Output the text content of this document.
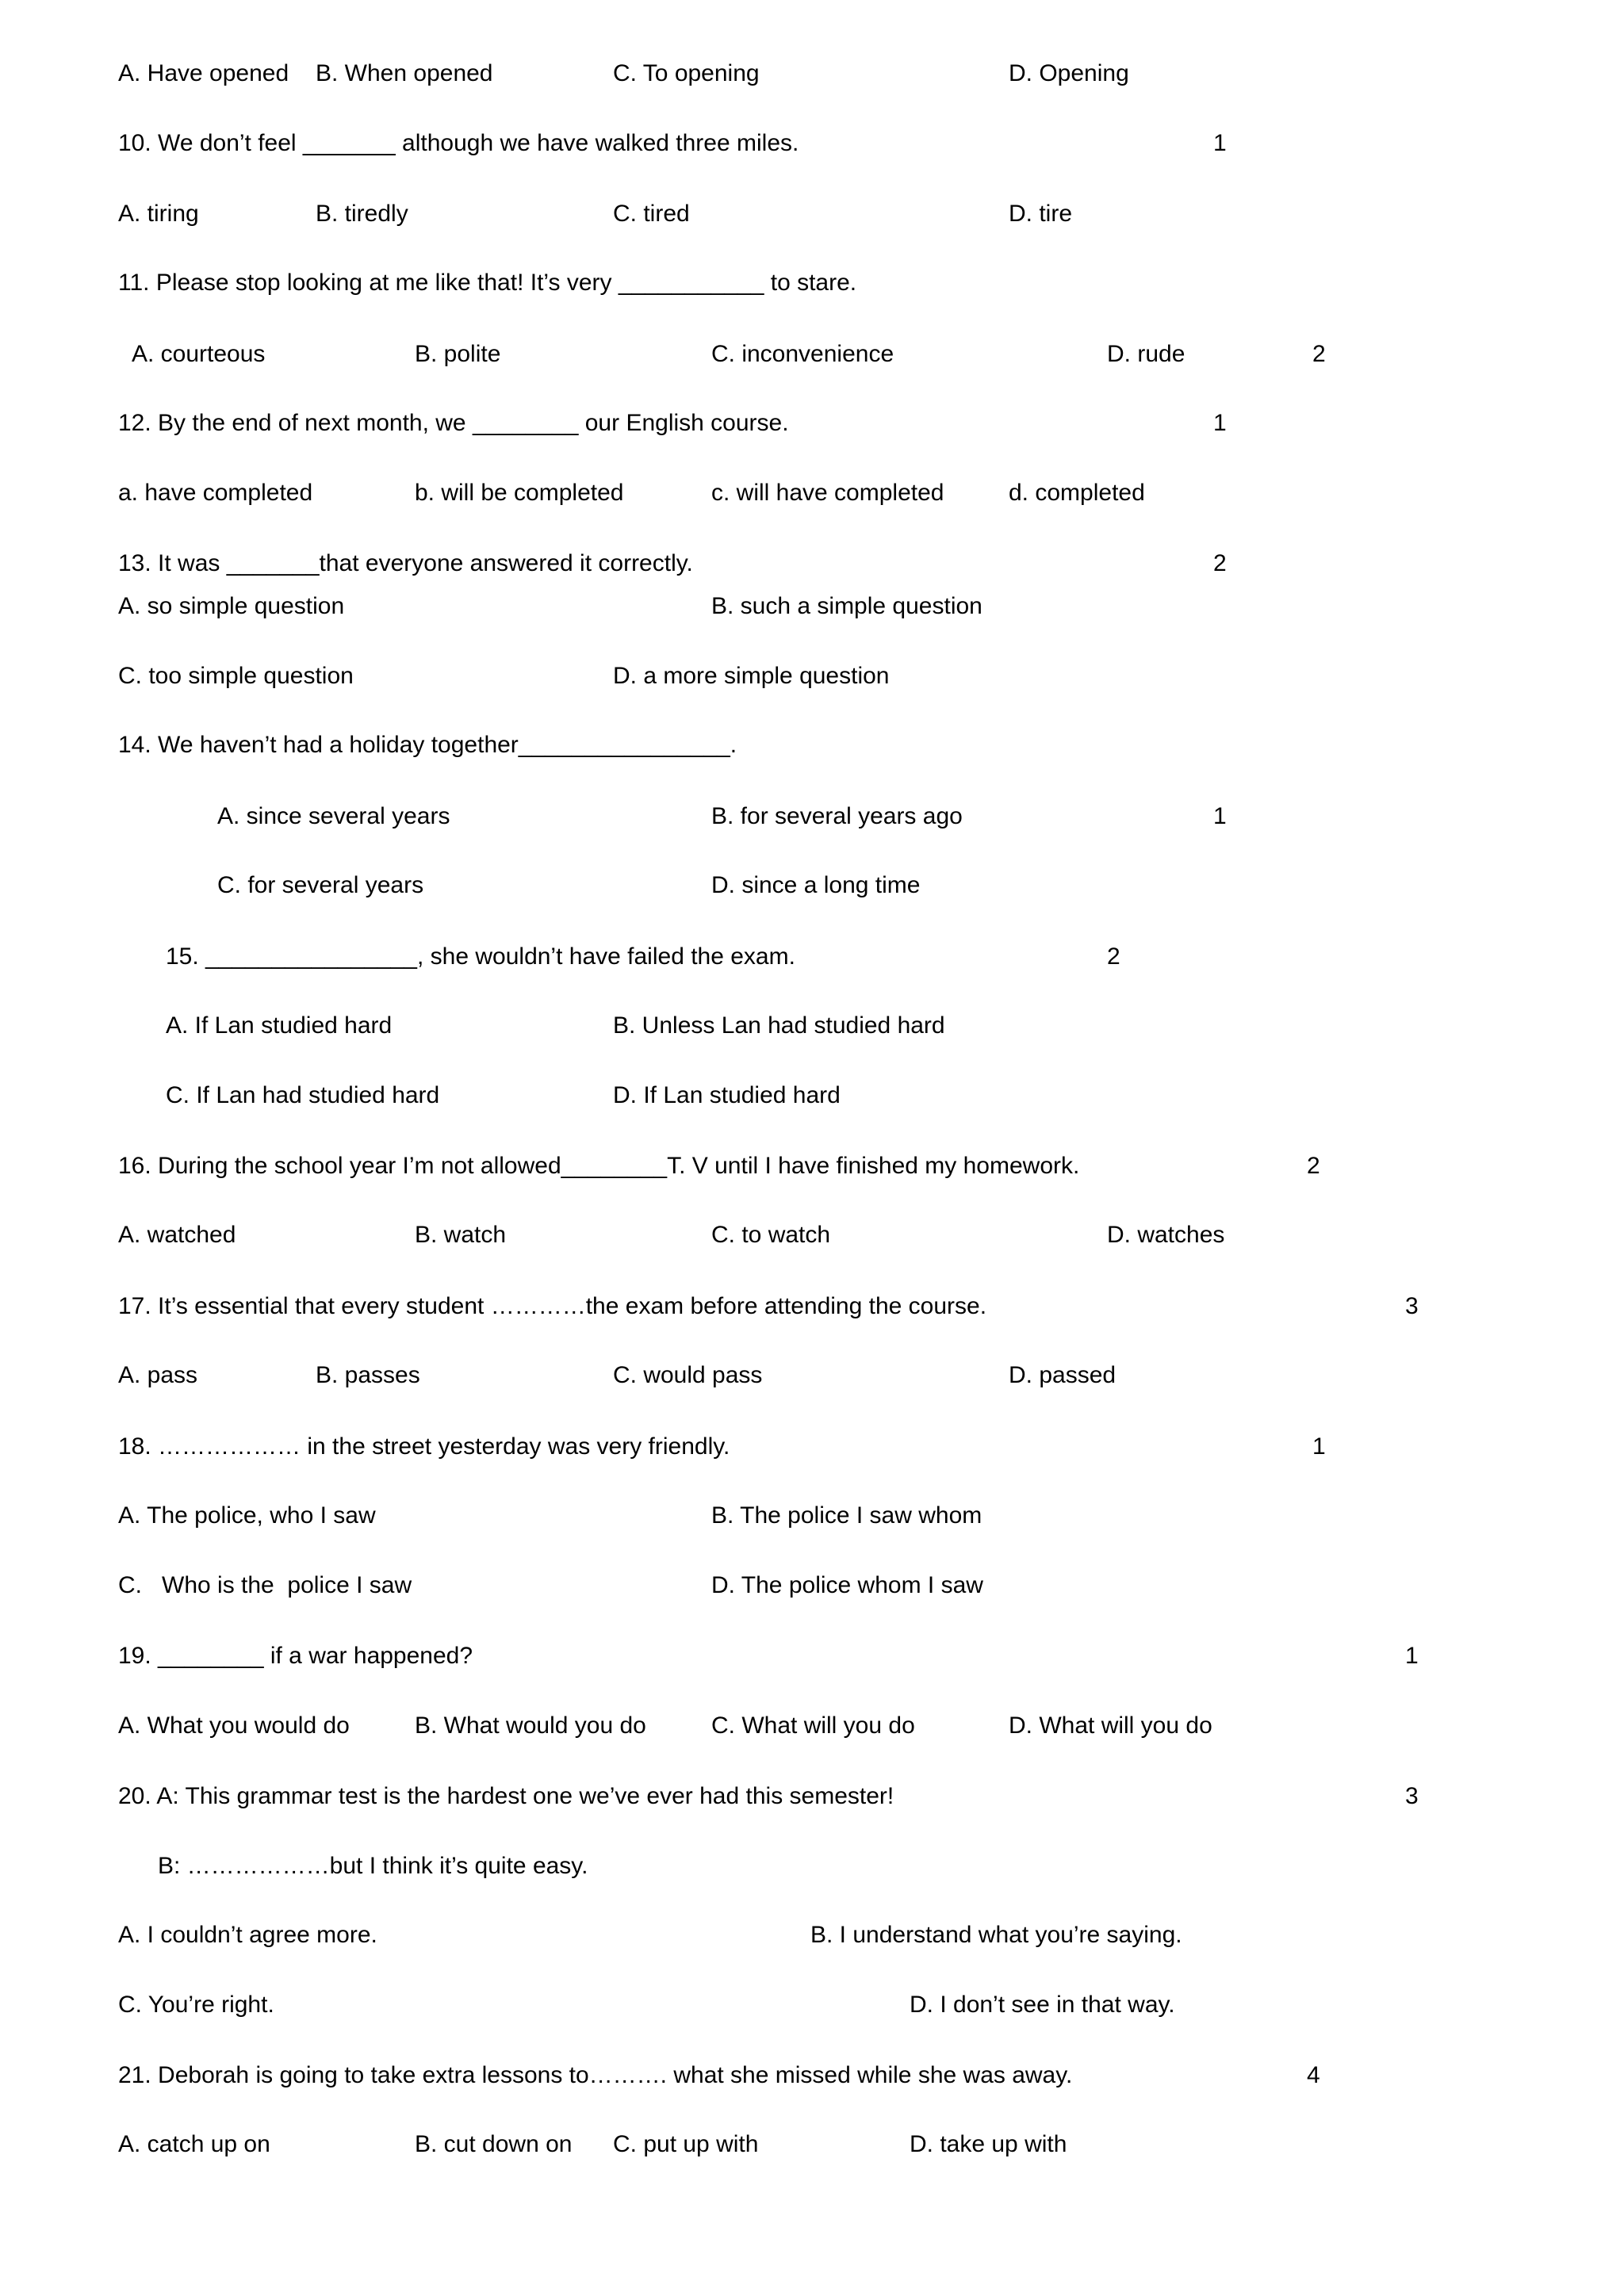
A. Have opened B. When opened	C. To opening	D. Opening
10. We don’t feel _______ although we have walked three miles.	1
A. tiring	B. tiredly	C. tired	D. tire
11. Please stop looking at me like that! It’s very ___________ to stare.
A. courteous	B. polite	C. inconvenience	D. rude	2
12. By the end of next month, we ________ our English course.	1
a. have completed	b. will be completed	c. will have completed	d. completed
13. It was _______that everyone answered it correctly.	2
A. so simple question	B. such a simple question
C. too simple question	D. a more simple question
14. We haven’t had a holiday together________________.
A. since several years	B. for several years ago	1
C. for several years	D. since a long time
15. ________________, she wouldn’t have failed the exam.	2
A. If Lan studied hard	B. Unless Lan had studied hard
C. If Lan had studied hard	D. If Lan studied hard
16. During the school year I’m not allowed________T. V until I have finished my homework.	2
A. watched	B. watch	C. to watch	D. watches
17. It’s essential that every student …………the exam before attending the course.	3
A. pass	B. passes	C. would pass	D. passed
18. ……………… in the street yesterday was very friendly.	1
A. The police, who I saw	B. The police I saw whom
C.   Who is the  police I saw	D. The police whom I saw
19. ________ if a war happened?	1
A. What you would do	B. What would you do	C. What will you do	D. What will you do
20. A: This grammar test is the hardest one we’ve ever had this semester!	3
B: ………………but I think it’s quite easy.
A. I couldn’t agree more.	B. I understand what you’re saying.
C. You’re right.	D. I don’t see in that way.
21. Deborah is going to take extra lessons to………. what she missed while she was away.	4
A. catch up on	B. cut down on C. put up with	D. take up with
